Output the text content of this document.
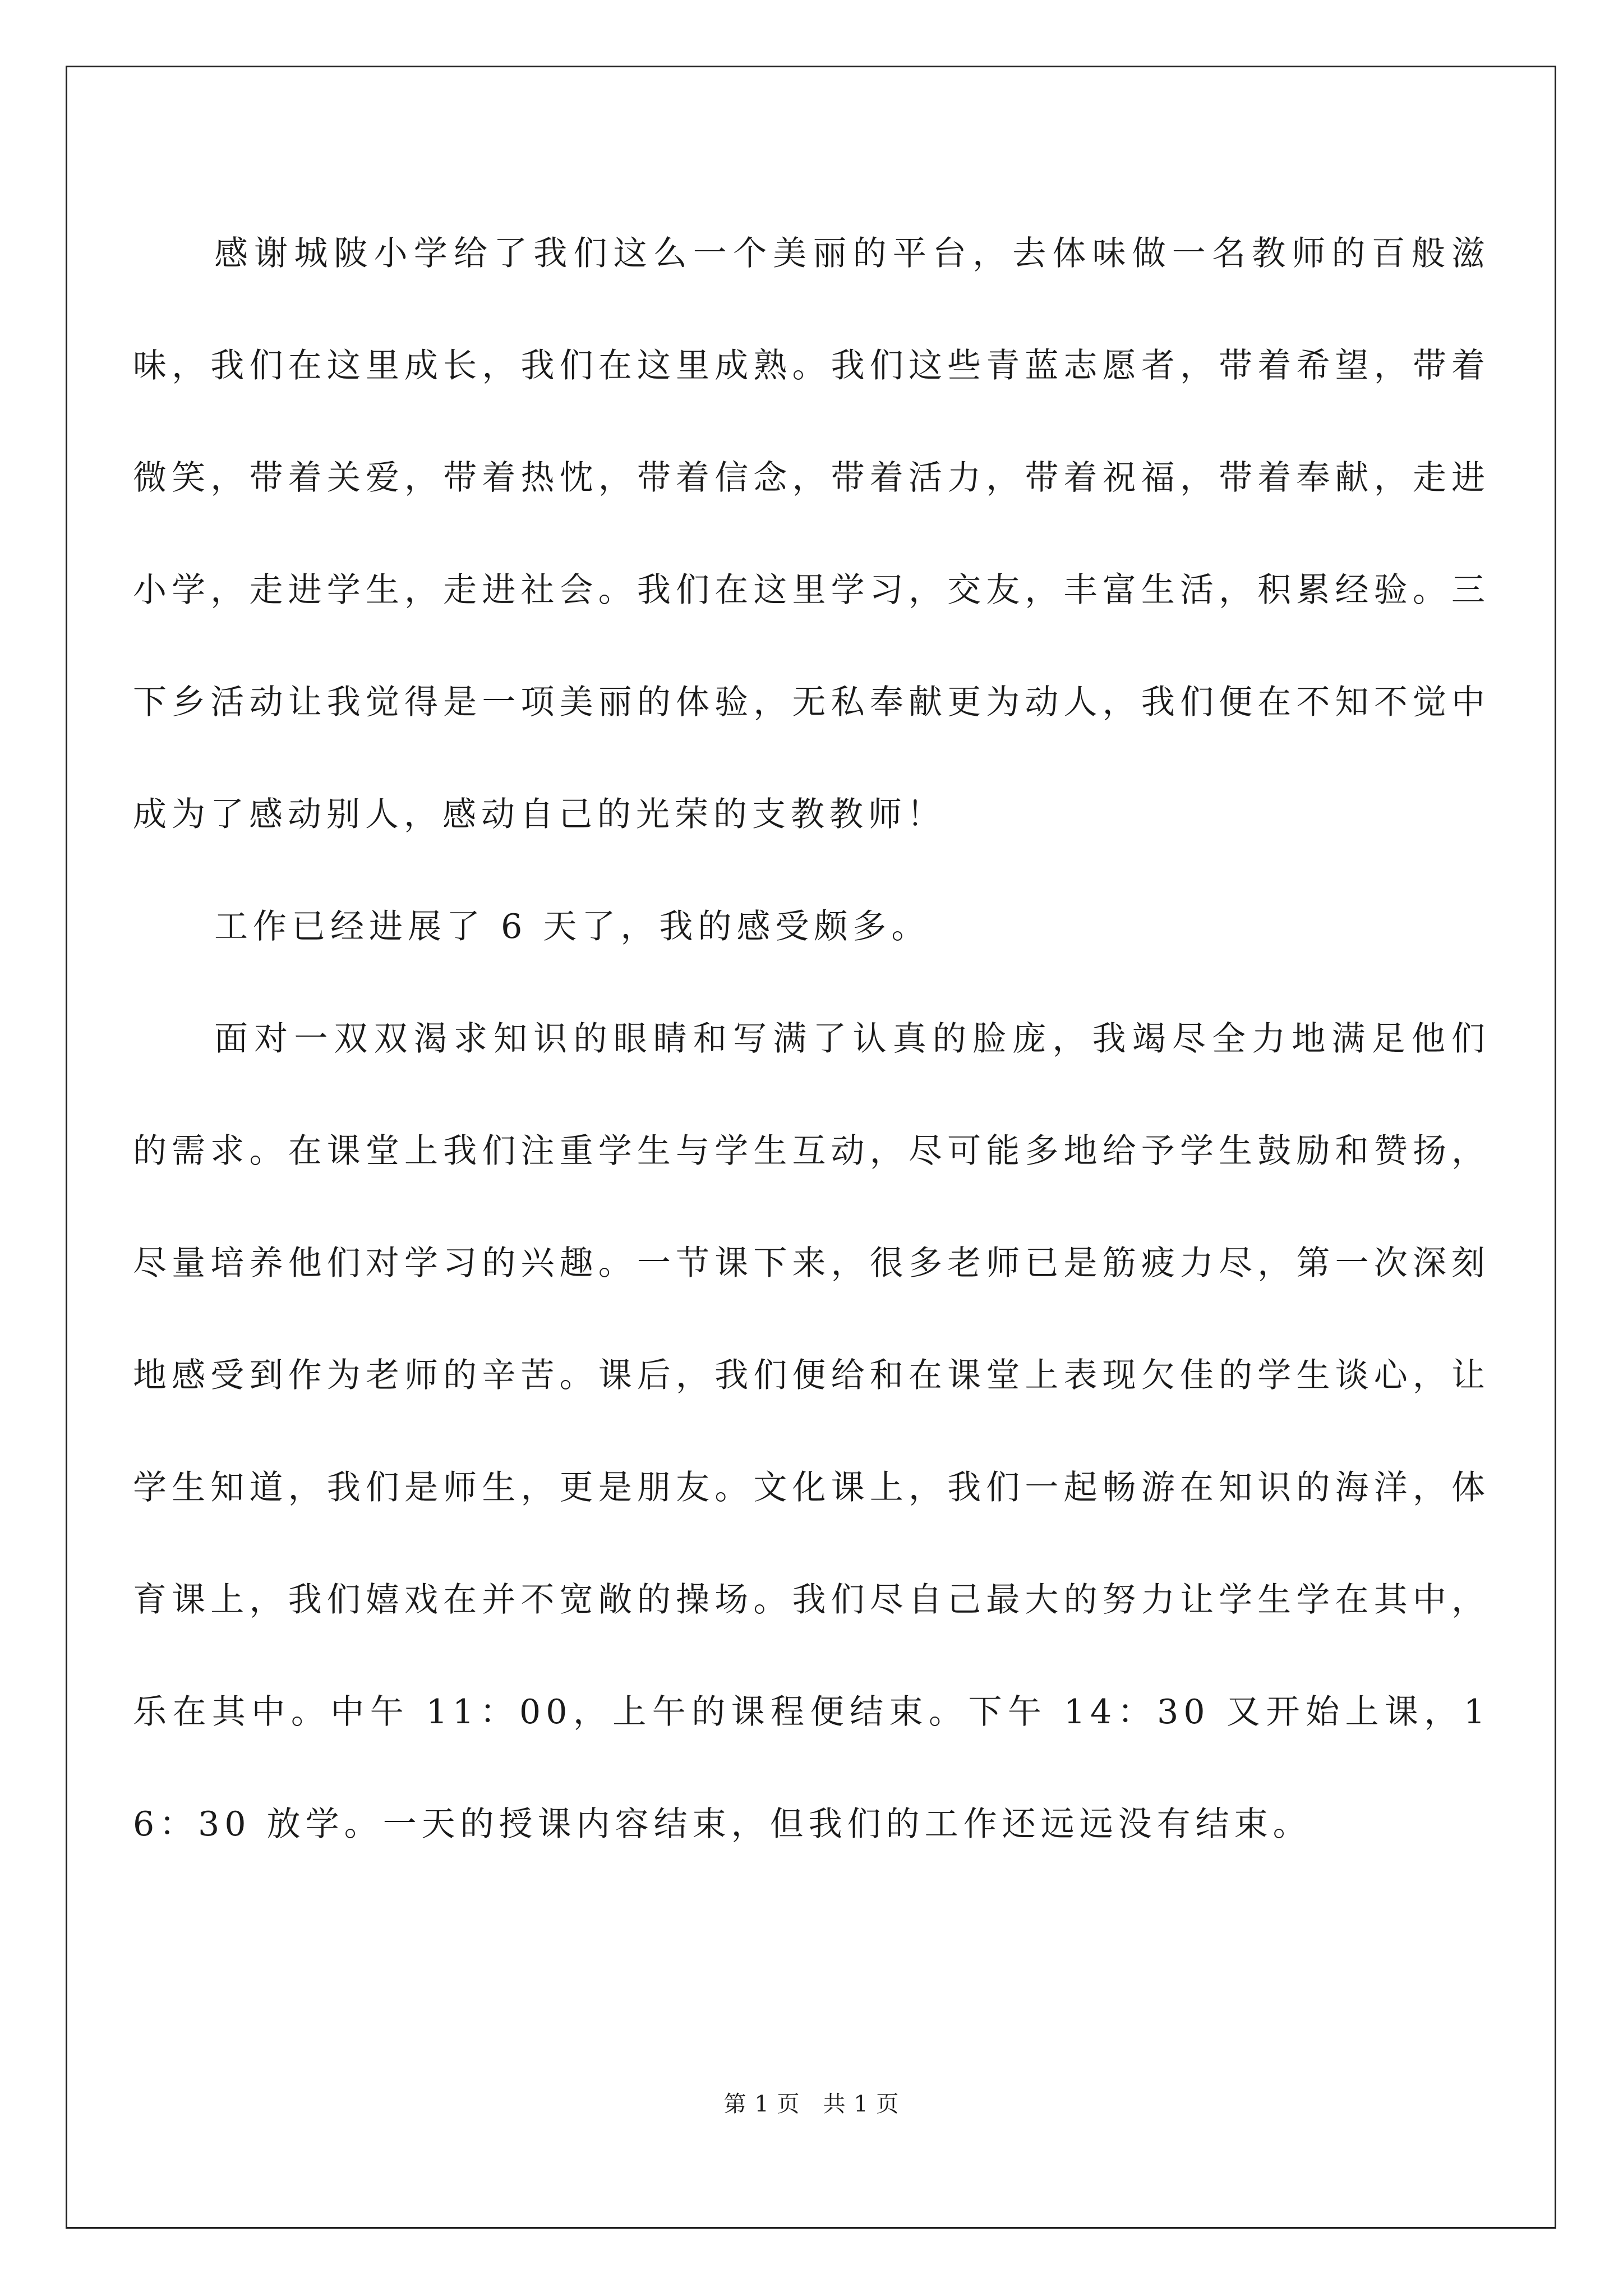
感谢城陂小学给了我们这么一个美丽的平台，去体味做一名教师的百般滋味，我们在这里成长，我们在这里成熟。我们这些青蓝志愿者，带着希望，带着微笑，带着关爱，带着热忱，带着信念，带着活力，带着祝福，带着奉献，走进小学，走进学生，走进社会。我们在这里学习，交友，丰富生活，积累经验。三下乡活动让我觉得是一项美丽的体验，无私奉献更为动人，我们便在不知不觉中成为了感动别人，感动自己的光荣的支教教师！

工作已经进展了 6 天了，我的感受颇多。

面对一双双渴求知识的眼睛和写满了认真的脸庞，我竭尽全力地满足他们的需求。在课堂上我们注重学生与学生互动，尽可能多地给予学生鼓励和赞扬，尽量培养他们对学习的兴趣。一节课下来，很多老师已是筋疲力尽，第一次深刻地感受到作为老师的辛苦。课后，我们便给和在课堂上表现欠佳的学生谈心，让学生知道，我们是师生，更是朋友。文化课上，我们一起畅游在知识的海洋，体育课上，我们嬉戏在并不宽敞的操场。我们尽自己最大的努力让学生学在其中，乐在其中。中午 11：00，上午的课程便结束。下午 14：30 又开始上课，16：30 放学。一天的授课内容结束，但我们的工作还远远没有结束。

第 1 页　共 1 页
